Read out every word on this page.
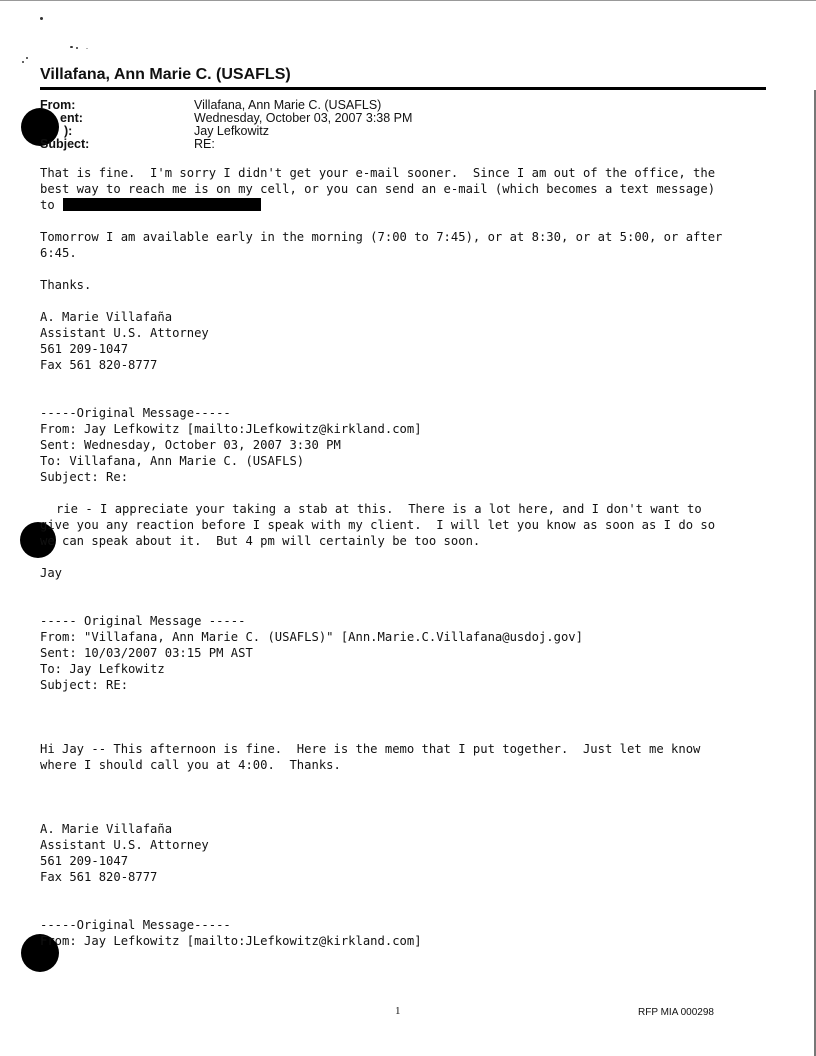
Villafana, Ann Marie C. (USAFLS)
From:	Villafana, Ann Marie C. (USAFLS)
ent:	Wednesday, October 03, 2007 3:38 PM
):	Jay Lefkowitz
Subject:	RE:
That is fine.  I'm sorry I didn't get your e-mail sooner.  Since I am out of the office, the
best way to reach me is on my cell, or you can send an e-mail (which becomes a text message)
to
Tomorrow I am available early in the morning (7:00 to 7:45), or at 8:30, or at 5:00, or after
6:45.
Thanks.
A. Marie Villafaña
Assistant U.S. Attorney
561 209-1047
Fax 561 820-8777
-----Original Message-----
From: Jay Lefkowitz [mailto:JLefkowitz@kirkland.com]
Sent: Wednesday, October 03, 2007 3:30 PM
To: Villafana, Ann Marie C. (USAFLS)
Subject: Re:
rie - I appreciate your taking a stab at this.  There is a lot here, and I don't want to
give you any reaction before I speak with my client.  I will let you know as soon as I do so
we can speak about it.  But 4 pm will certainly be too soon.
Jay
----- Original Message -----
From: "Villafana, Ann Marie C. (USAFLS)" [Ann.Marie.C.Villafana@usdoj.gov]
Sent: 10/03/2007 03:15 PM AST
To: Jay Lefkowitz
Subject: RE:
Hi Jay -- This afternoon is fine.  Here is the memo that I put together.  Just let me know
where I should call you at 4:00.  Thanks.
A. Marie Villafaña
Assistant U.S. Attorney
561 209-1047
Fax 561 820-8777
-----Original Message-----
From: Jay Lefkowitz [mailto:JLefkowitz@kirkland.com]
1	RFP MIA 000298
